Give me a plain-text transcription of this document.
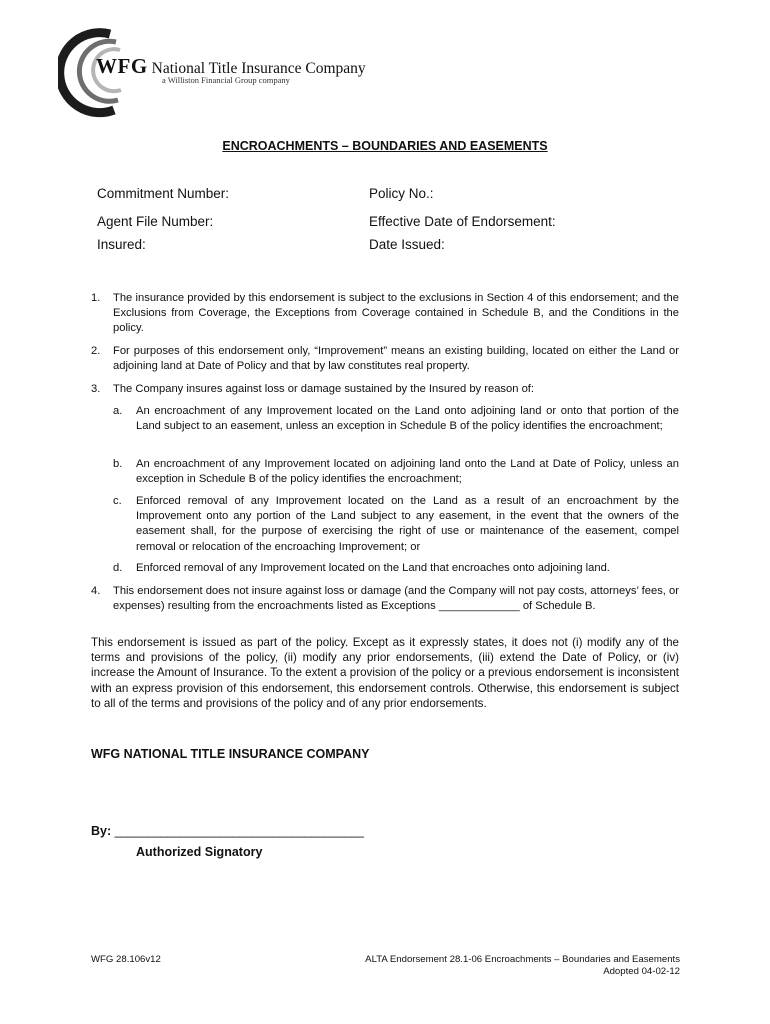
WFG National Title Insurance Company
a Williston Financial Group company
ENCROACHMENTS – BOUNDARIES AND EASEMENTS
Commitment Number:	Policy No.:
Agent File Number:	Effective Date of Endorsement:
Insured:	Date Issued:
1. The insurance provided by this endorsement is subject to the exclusions in Section 4 of this endorsement; and the Exclusions from Coverage, the Exceptions from Coverage contained in Schedule B, and the Conditions in the policy.
2. For purposes of this endorsement only, “Improvement” means an existing building, located on either the Land or adjoining land at Date of Policy and that by law constitutes real property.
3. The Company insures against loss or damage sustained by the Insured by reason of:
a. An encroachment of any Improvement located on the Land onto adjoining land or onto that portion of the Land subject to an easement, unless an exception in Schedule B of the policy identifies the encroachment;
b. An encroachment of any Improvement located on adjoining land onto the Land at Date of Policy, unless an exception in Schedule B of the policy identifies the encroachment;
c. Enforced removal of any Improvement located on the Land as a result of an encroachment by the Improvement onto any portion of the Land subject to any easement, in the event that the owners of the easement shall, for the purpose of exercising the right of use or maintenance of the easement, compel removal or relocation of the encroaching Improvement; or
d. Enforced removal of any Improvement located on the Land that encroaches onto adjoining land.
4. This endorsement does not insure against loss or damage (and the Company will not pay costs, attorneys’ fees, or expenses) resulting from the encroachments listed as Exceptions _____________ of Schedule B.
This endorsement is issued as part of the policy. Except as it expressly states, it does not (i) modify any of the terms and provisions of the policy, (ii) modify any prior endorsements, (iii) extend the Date of Policy, or (iv) increase the Amount of Insurance. To the extent a provision of the policy or a previous endorsement is inconsistent with an express provision of this endorsement, this endorsement controls. Otherwise, this endorsement is subject to all of the terms and provisions of the policy and of any prior endorsements.
WFG NATIONAL TITLE INSURANCE COMPANY
By: ______________________________________
Authorized Signatory
WFG 28.106v12	ALTA Endorsement 28.1-06 Encroachments – Boundaries and Easements
Adopted 04-02-12
